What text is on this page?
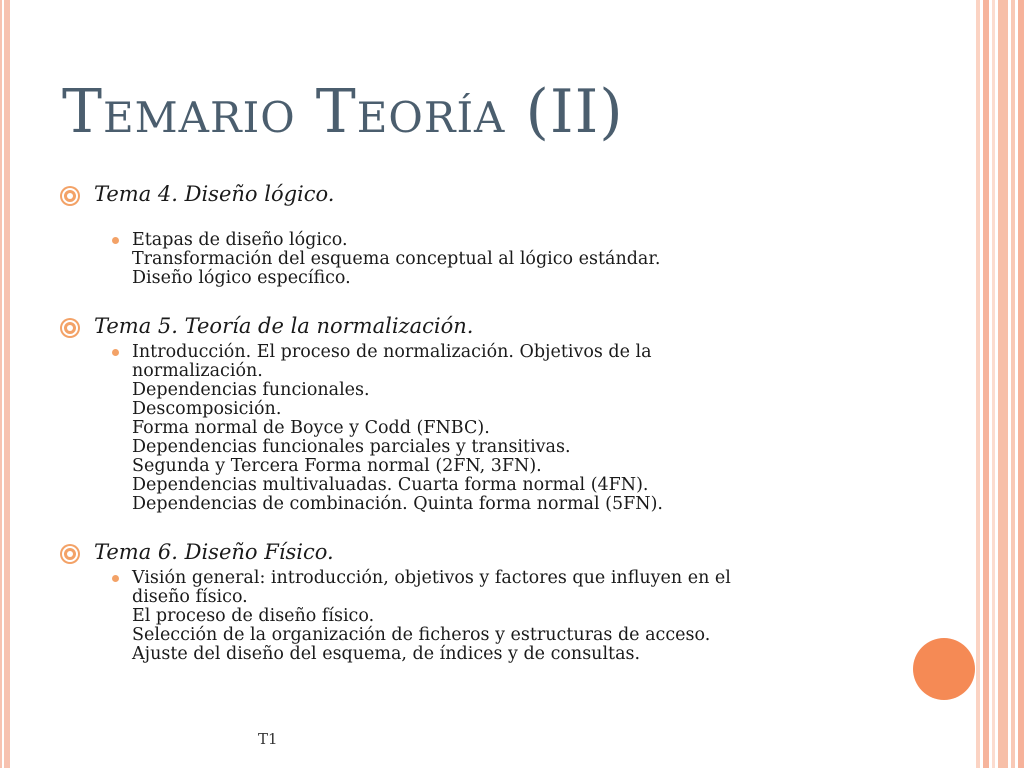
Temario Teoría (II)
Tema 4. Diseño lógico.
Etapas de diseño lógico.
Transformación del esquema conceptual al lógico estándar.
Diseño lógico específico.
Tema 5. Teoría de la normalización.
Introducción. El proceso de normalización. Objetivos de la
normalización.
Dependencias funcionales.
Descomposición.
Forma normal de Boyce y Codd (FNBC).
Dependencias funcionales parciales y transitivas.
Segunda y Tercera Forma normal (2FN, 3FN).
Dependencias multivaluadas. Cuarta forma normal (4FN).
Dependencias de combinación. Quinta forma normal (5FN).
Tema 6. Diseño Físico.
Visión general: introducción, objetivos y factores que influyen en el
diseño físico.
El proceso de diseño físico.
Selección de la organización de ficheros y estructuras de acceso.
Ajuste del diseño del esquema, de índices y de consultas.
T1
